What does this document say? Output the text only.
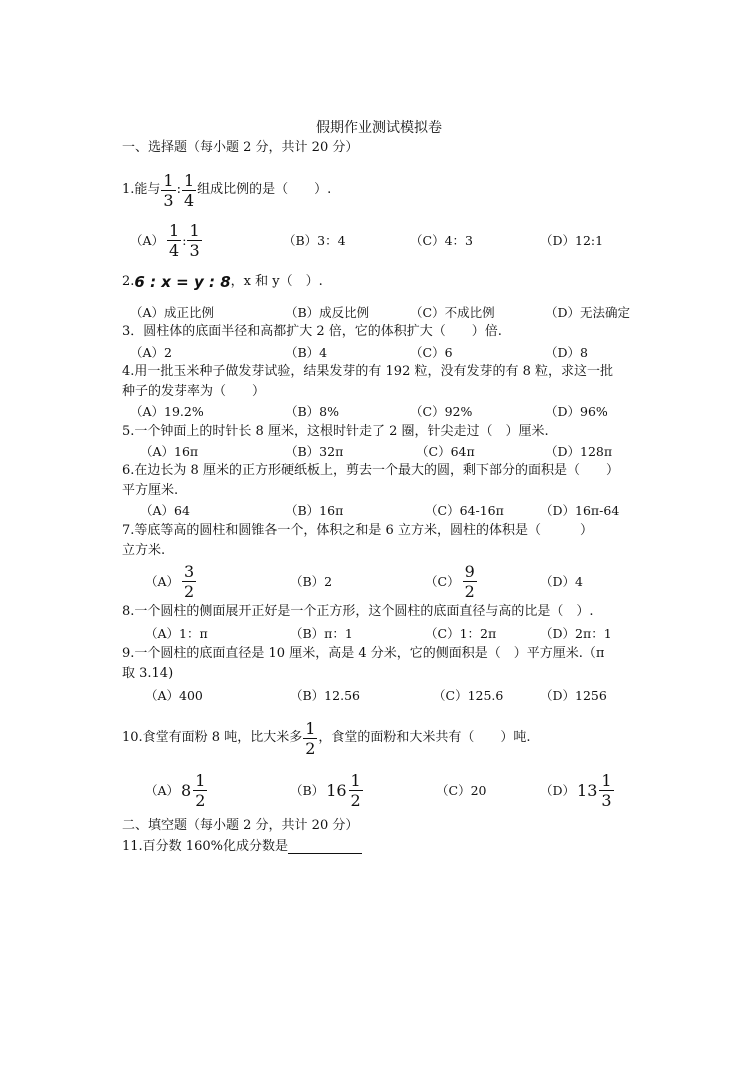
假期作业测试模拟卷
一、选择题（每小题 2 分，共计 20 分）
1.能与 $\frac{1}{3}$ : $\frac{1}{4}$ 组成比例的是（　　）.
$(A) \frac{1}{4}$ : $\frac{1}{3}$	（B）3：4	（C）4：3	（D）12:1
2. 6 : x = y : 8 ，x 和 y（　）.
（A）成正比例	（B）成反比例	（C）不成比例	（D）无法确定
3．圆柱体的底面半径和高都扩大 2 倍，它的体积扩大（　　）倍.
（A）2	（B）4	（C）6	（D）8
4.用一批玉米种子做发芽试验，结果发芽的有 192 粒，没有发芽的有 8 粒，求这一批
种子的发芽率为（　　）
（A）19.2%	（B）8%	（C）92%	（D）96%
5.一个钟面上的时针长 8 厘米，这根时针走了 2 圈，针尖走过（　）厘米.
（A）16π	（B）32π	（C）64π	（D）128π
6.在边长为 8 厘米的正方形硬纸板上，剪去一个最大的圆，剩下部分的面积是（　　）
平方厘米.
（A）64	（B）16π	（C）64-16π	（D）16π-64
7.等底等高的圆柱和圆锥各一个，体积之和是 6 立方米，圆柱的体积是（　　　）
立方米.
$(A) \frac{3}{2}$	（B）2	$(C) \frac{9}{2}$	（D）4
8.一个圆柱的侧面展开正好是一个正方形，这个圆柱的底面直径与高的比是（　）.
（A）1：π	（B）π：1	（C）1：2π	（D）2π：1
9.一个圆柱的底面直径是 10 厘米，高是 4 分米，它的侧面积是（　）平方厘米.（π
取 3.14)
（A）400	（B）12.56	（C）125.6	（D）1256
10.食堂有面粉 8 吨，比大米多 $\frac{1}{2}$ ，食堂的面粉和大米共有（　　）吨.
（A） $8 \frac{1}{2}$	（B） $16 \frac{1}{2}$	（C）20	（D） $13 \frac{1}{3}$
二、填空题（每小题 2 分，共计 20 分）
11.百分数 160%化成分数是
